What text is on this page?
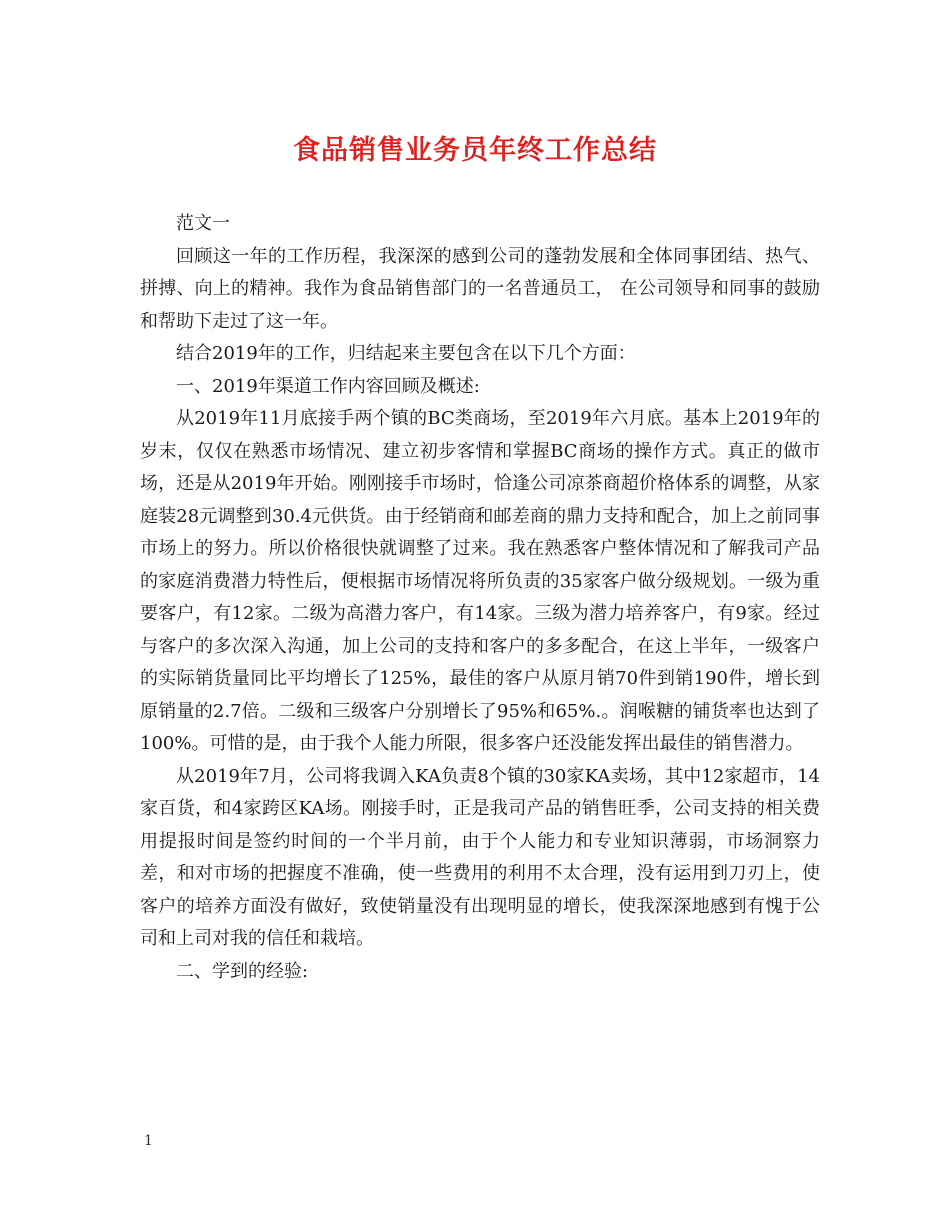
食品销售业务员年终工作总结

范文一

回顾这一年的工作历程，我深深的感到公司的蓬勃发展和全体同事团结、热气、拼搏、向上的精神。我作为食品销售部门的一名普通员工， 在公司领导和同事的鼓励和帮助下走过了这一年。

结合2019年的工作，归结起来主要包含在以下几个方面：

一、2019年渠道工作内容回顾及概述:

从2019年11月底接手两个镇的BC类商场，至2019年六月底。基本上2019年的岁末，仅仅在熟悉市场情况、建立初步客情和掌握BC商场的操作方式。真正的做市场，还是从2019年开始。刚刚接手市场时，恰逢公司凉茶商超价格体系的调整，从家庭装28元调整到30.4元供货。由于经销商和邮差商的鼎力支持和配合，加上之前同事市场上的努力。所以价格很快就调整了过来。我在熟悉客户整体情况和了解我司产品的家庭消费潜力特性后，便根据市场情况将所负责的35家客户做分级规划。一级为重要客户，有12家。二级为高潜力客户，有14家。三级为潜力培养客户，有9家。经过与客户的多次深入沟通，加上公司的支持和客户的多多配合，在这上半年，一级客户的实际销货量同比平均增长了125%，最佳的客户从原月销70件到销190件，增长到原销量的2.7倍。二级和三级客户分别增长了95%和65%.。润喉糖的铺货率也达到了100%。可惜的是，由于我个人能力所限，很多客户还没能发挥出最佳的销售潜力。

从2019年7月，公司将我调入KA负责8个镇的30家KA卖场，其中12家超市，14家百货，和4家跨区KA场。刚接手时，正是我司产品的销售旺季，公司支持的相关费用提报时间是签约时间的一个半月前，由于个人能力和专业知识薄弱，市场洞察力差，和对市场的把握度不准确，使一些费用的利用不太合理，没有运用到刀刃上，使客户的培养方面没有做好，致使销量没有出现明显的增长，使我深深地感到有愧于公司和上司对我的信任和栽培。

二、学到的经验:

1
